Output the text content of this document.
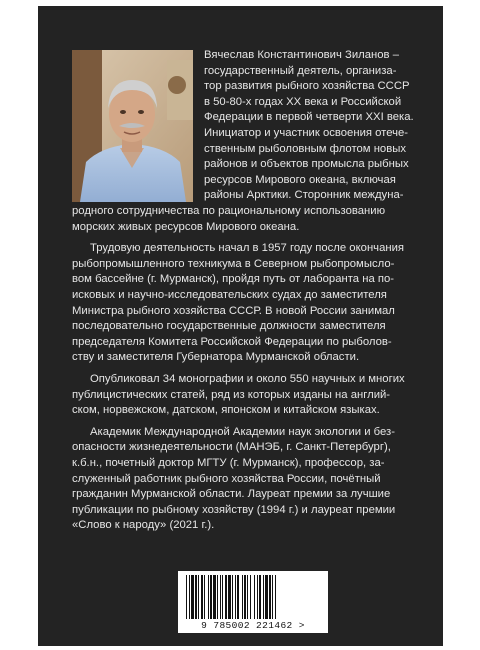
Вячеслав Константинович Зиланов –
государственный деятель, организа-
тор развития рыбного хозяйства СССР
в 50-80-х годах XX века и Российской
Федерации в первой четверти XXI века.
Инициатор и участник освоения отече-
ственным рыболовным флотом новых
районов и объектов промысла рыбных
ресурсов Мирового океана, включая
районы Арктики. Сторонник междуна-

родного сотрудничества по рациональному использованию
морских живых ресурсов Мирового океана.

Трудовую деятельность начал в 1957 году после окончания
рыбопромышленного техникума в Северном рыбопромысло-
вом бассейне (г. Мурманск), пройдя путь от лаборанта на по-
исковых и научно-исследовательских судах до заместителя
Министра рыбного хозяйства СССР. В новой России занимал
последовательно государственные должности заместителя
председателя Комитета Российской Федерации по рыболов-
ству и заместителя Губернатора Мурманской области.

Опубликовал 34 монографии и около 550 научных и многих
публицистических статей, ряд из которых изданы на англий-
ском, норвежском, датском, японском и китайском языках.

Академик Международной Академии наук экологии и без-
опасности жизнедеятельности (МАНЭБ, г. Санкт-Петербург),
к.б.н., почетный доктор МГТУ (г. Мурманск), профессор, за-
служенный работник рыбного хозяйства России, почётный
гражданин Мурманской области. Лауреат премии за лучшие
публикации по рыбному хозяйству (1994 г.) и лауреат премии
«Слово к народу» (2021 г.).

9 785002 221462 >
